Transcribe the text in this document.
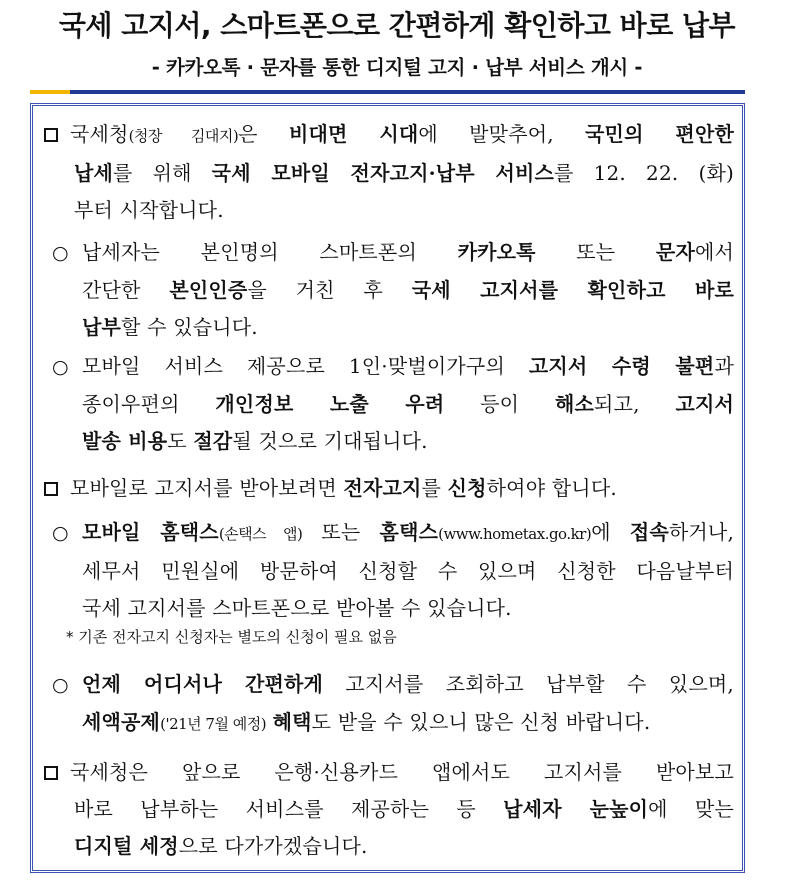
국세 고지서, 스마트폰으로 간편하게 확인하고 바로 납부
- 카카오톡 · 문자를 통한 디지털 고지 · 납부 서비스 개시 -
국세청(청장 김대지)은 비대면 시대에 발맞추어, 국민의 편안한
납세를 위해 국세 모바일 전자고지·납부 서비스를 12. 22. (화)
부터 시작합니다.
○ 납세자는 본인명의 스마트폰의 카카오톡 또는 문자에서
간단한 본인인증을 거친 후 국세 고지서를 확인하고 바로
납부할 수 있습니다.
○ 모바일 서비스 제공으로 1인·맞벌이가구의 고지서 수령 불편과
종이우편의 개인정보 노출 우려 등이 해소되고, 고지서
발송 비용도 절감될 것으로 기대됩니다.
모바일로 고지서를 받아보려면 전자고지를 신청하여야 합니다.
○ 모바일 홈택스(손택스 앱) 또는 홈택스(www.hometax.go.kr)에 접속하거나,
세무서 민원실에 방문하여 신청할 수 있으며 신청한 다음날부터
국세 고지서를 스마트폰으로 받아볼 수 있습니다.
* 기존 전자고지 신청자는 별도의 신청이 필요 없음
○ 언제 어디서나 간편하게 고지서를 조회하고 납부할 수 있으며,
세액공제('21년 7월 예정) 혜택도 받을 수 있으니 많은 신청 바랍니다.
국세청은 앞으로 은행·신용카드 앱에서도 고지서를 받아보고
바로 납부하는 서비스를 제공하는 등 납세자 눈높이에 맞는
디지털 세정으로 다가가겠습니다.
